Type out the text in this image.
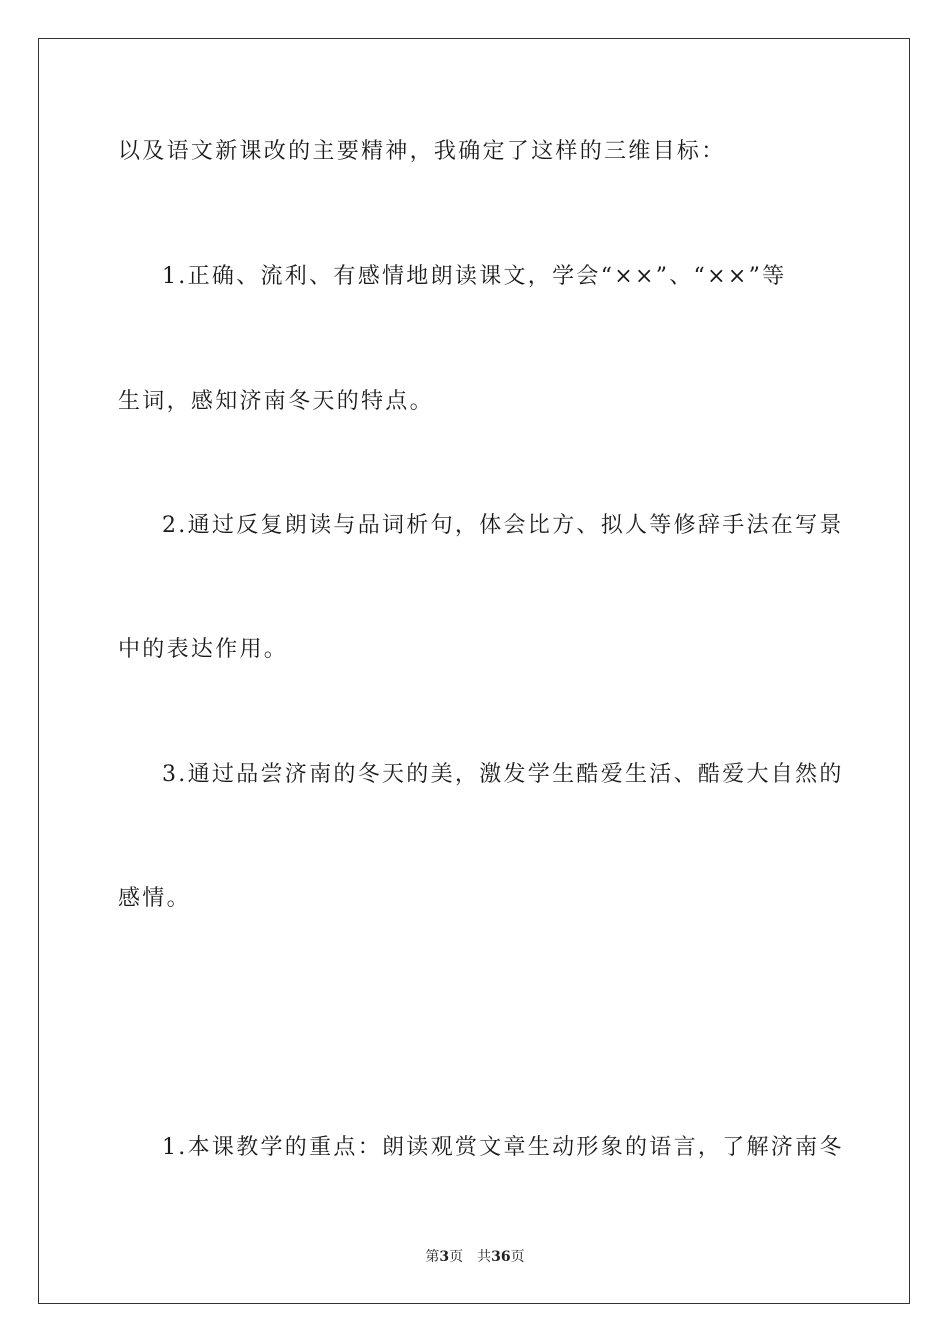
以及语文新课改的主要精神，我确定了这样的三维目标：
1.正确、流利、有感情地朗读课文，学会“××”、“××”等
生词，感知济南冬天的特点。
2.通过反复朗读与品词析句，体会比方、拟人等修辞手法在写景
中的表达作用。
3.通过品尝济南的冬天的美，激发学生酷爱生活、酷爱大自然的
感情。
1.本课教学的重点：朗读观赏文章生动形象的语言，了解济南冬
第3页 共36页
